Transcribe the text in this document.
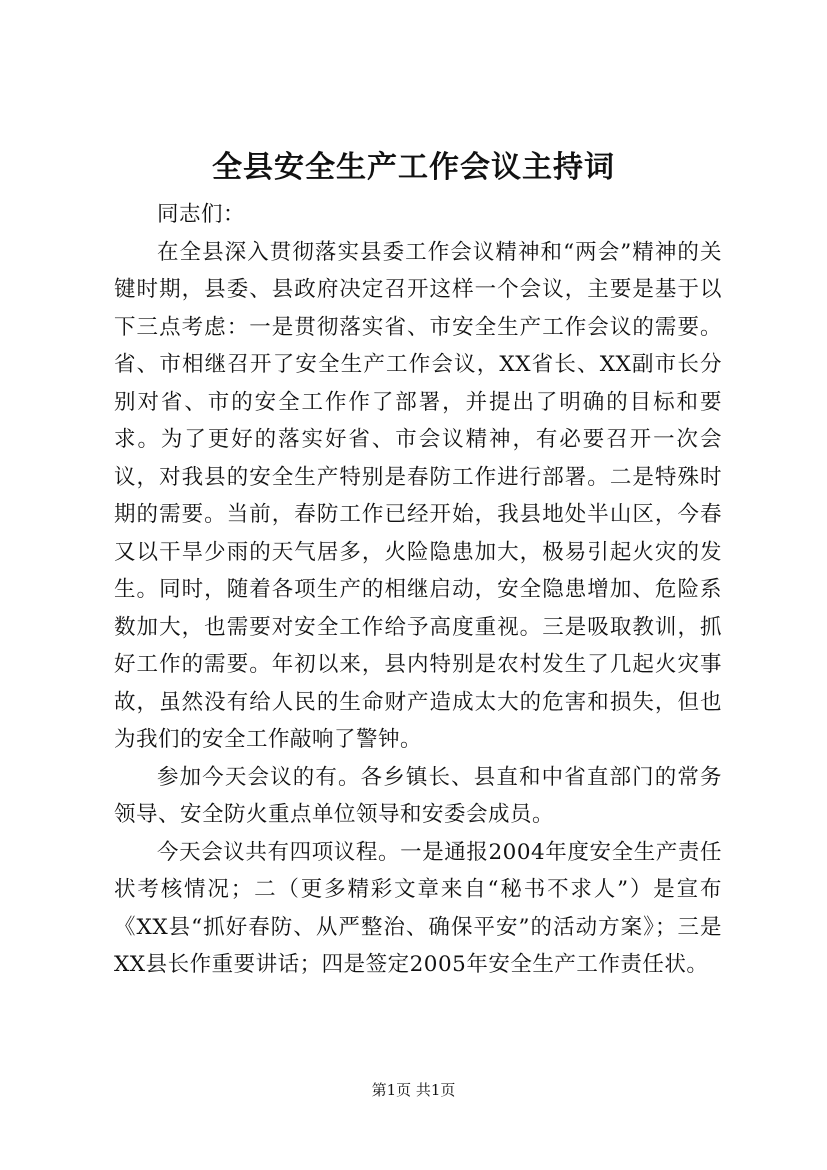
全县安全生产工作会议主持词

同志们：

在全县深入贯彻落实县委工作会议精神和“两会”精神的关键时期，县委、县政府决定召开这样一个会议，主要是基于以下三点考虑：一是贯彻落实省、市安全生产工作会议的需要。省、市相继召开了安全生产工作会议，XX省长、XX副市长分别对省、市的安全工作作了部署，并提出了明确的目标和要求。为了更好的落实好省、市会议精神，有必要召开一次会议，对我县的安全生产特别是春防工作进行部署。二是特殊时期的需要。当前，春防工作已经开始，我县地处半山区，今春又以干旱少雨的天气居多，火险隐患加大，极易引起火灾的发生。同时，随着各项生产的相继启动，安全隐患增加、危险系数加大，也需要对安全工作给予高度重视。三是吸取教训，抓好工作的需要。年初以来，县内特别是农村发生了几起火灾事故，虽然没有给人民的生命财产造成太大的危害和损失，但也为我们的安全工作敲响了警钟。

参加今天会议的有。各乡镇长、县直和中省直部门的常务领导、安全防火重点单位领导和安委会成员。

今天会议共有四项议程。一是通报2004年度安全生产责任状考核情况；二（更多精彩文章来自“秘书不求人”）是宣布《XX县“抓好春防、从严整治、确保平安”的活动方案》；三是XX县长作重要讲话；四是签定2005年安全生产工作责任状。

第1页 共1页
